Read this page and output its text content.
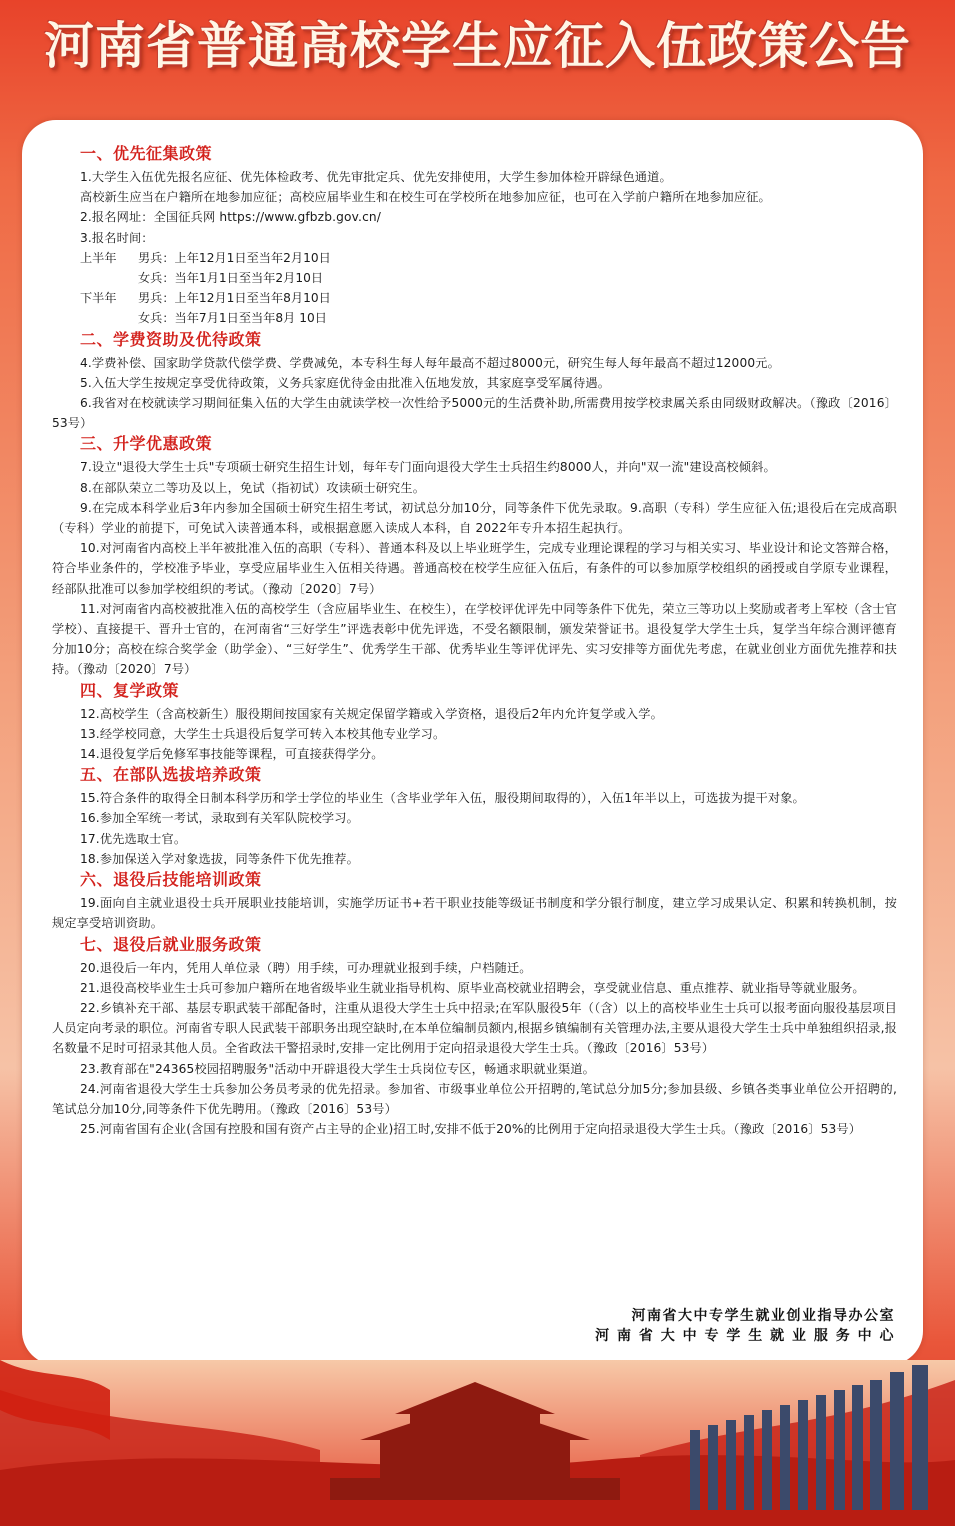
河南省普通高校学生应征入伍政策公告
一、优先征集政策

1.大学生入伍优先报名应征、优先体检政考、优先审批定兵、优先安排使用，大学生参加体检开辟绿色通道。

高校新生应当在户籍所在地参加应征；高校应届毕业生和在校生可在学校所在地参加应征，也可在入学前户籍所在地参加应征。

2.报名网址：全国征兵网 https://www.gfbzb.gov.cn/

3.报名时间：

上半年	男兵：上年12月1日至当年2月10日
女兵：当年1月1日至当年2月10日
下半年	男兵：上年12月1日至当年8月10日
女兵：当年7月1日至当年8月 10日
二、学费资助及优待政策

4.学费补偿、国家助学贷款代偿学费、学费减免，本专科生每人每年最高不超过8000元，研究生每人每年最高不超过12000元。

5.入伍大学生按规定享受优待政策，义务兵家庭优待金由批准入伍地发放，其家庭享受军属待遇。

6.我省对在校就读学习期间征集入伍的大学生由就读学校一次性给予5000元的生活费补助,所需费用按学校隶属关系由同级财政解决。（豫政〔2016〕53号）

三、升学优惠政策

7.设立"退役大学生士兵"专项硕士研究生招生计划，每年专门面向退役大学生士兵招生约8000人，并向"双一流"建设高校倾斜。

8.在部队荣立二等功及以上，免试（指初试）攻读硕士研究生。

9.在完成本科学业后3年内参加全国硕士研究生招生考试，初试总分加10分，同等条件下优先录取。9.高职（专科）学生应征入伍;退役后在完成高职（专科）学业的前提下，可免试入读普通本科，或根据意愿入读成人本科，自 2022年专升本招生起执行。

10.对河南省内高校上半年被批准入伍的高职（专科）、普通本科及以上毕业班学生，完成专业理论课程的学习与相关实习、毕业设计和论文答辩合格，符合毕业条件的，学校准予毕业，享受应届毕业生入伍相关待遇。普通高校在校学生应征入伍后，有条件的可以参加原学校组织的函授或自学原专业课程，经部队批准可以参加学校组织的考试。（豫动〔2020〕7号）

11.对河南省内高校被批准入伍的高校学生（含应届毕业生、在校生），在学校评优评先中同等条件下优先，荣立三等功以上奖励或者考上军校（含士官学校）、直接提干、晋升士官的，在河南省“三好学生”评选表彰中优先评选，不受名额限制，颁发荣誉证书。退役复学大学生士兵，复学当年综合测评德育分加10分；高校在综合奖学金（助学金）、“三好学生”、优秀学生干部、优秀毕业生等评优评先、实习安排等方面优先考虑，在就业创业方面优先推荐和扶持。（豫动〔2020〕7号）

四、复学政策

12.高校学生（含高校新生）服役期间按国家有关规定保留学籍或入学资格，退役后2年内允许复学或入学。

13.经学校同意，大学生士兵退役后复学可转入本校其他专业学习。

14.退役复学后免修军事技能等课程，可直接获得学分。

五、在部队选拔培养政策

15.符合条件的取得全日制本科学历和学士学位的毕业生（含毕业学年入伍，服役期间取得的），入伍1年半以上，可选拔为提干对象。

16.参加全军统一考试，录取到有关军队院校学习。

17.优先选取士官。

18.参加保送入学对象选拔，同等条件下优先推荐。

六、退役后技能培训政策

19.面向自主就业退役士兵开展职业技能培训，实施学历证书+若干职业技能等级证书制度和学分银行制度，建立学习成果认定、积累和转换机制，按规定享受培训资助。

七、退役后就业服务政策

20.退役后一年内，凭用人单位录（聘）用手续，可办理就业报到手续，户档随迁。

21.退役高校毕业生士兵可参加户籍所在地省级毕业生就业指导机构、原毕业高校就业招聘会，享受就业信息、重点推荐、就业指导等就业服务。

22.乡镇补充干部、基层专职武装干部配备时，注重从退役大学生士兵中招录;在军队服役5年（（含）以上的高校毕业生士兵可以报考面向服役基层项目人员定向考录的职位。河南省专职人民武装干部职务出现空缺时,在本单位编制员额内,根据乡镇编制有关管理办法,主要从退役大学生士兵中单独组织招录,报名数量不足时可招录其他人员。全省政法干警招录时,安排一定比例用于定向招录退役大学生士兵。（豫政〔2016〕53号）

23.教育部在"24365校园招聘服务"活动中开辟退役大学生士兵岗位专区，畅通求职就业渠道。

24.河南省退役大学生士兵参加公务员考录的优先招录。参加省、市级事业单位公开招聘的,笔试总分加5分;参加县级、乡镇各类事业单位公开招聘的,笔试总分加10分,同等条件下优先聘用。（豫政〔2016〕53号）

25.河南省国有企业(含国有控股和国有资产占主导的企业)招工时,安排不低于20%的比例用于定向招录退役大学生士兵。（豫政〔2016〕53号）

河南省大中专学生就业创业指导办公室
河 南 省 大 中 专 学 生 就 业 服 务 中 心
